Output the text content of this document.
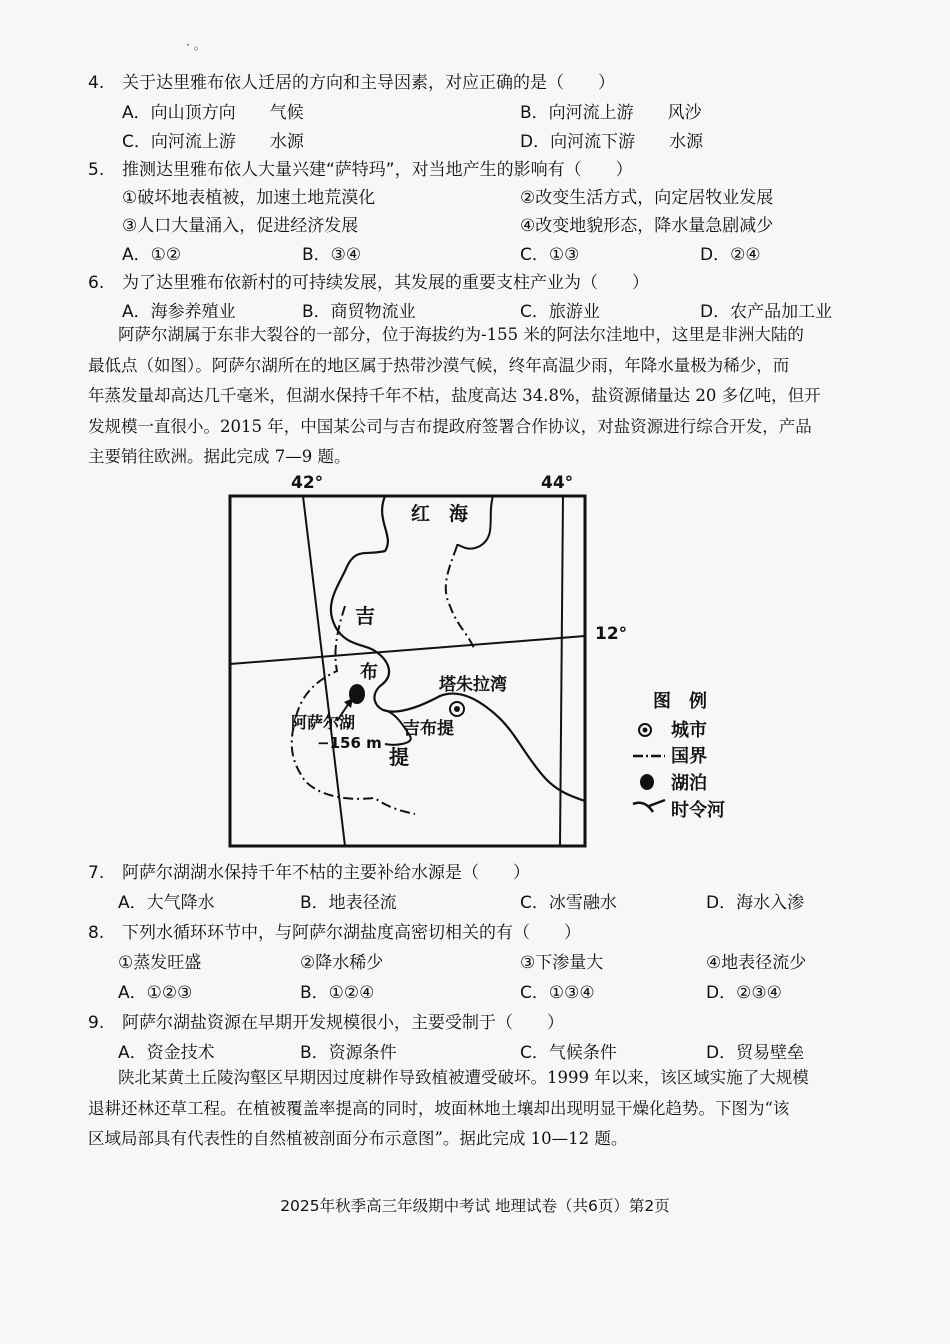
· 。
4. 关于达里雅布依人迁居的方向和主导因素，对应正确的是（　　）
A．向山顶方向　　气候	B．向河流上游　　风沙
C．向河流上游　　水源	D．向河流下游　　水源
5. 推测达里雅布依人大量兴建“萨特玛”，对当地产生的影响有（　　）
①破坏地表植被，加速土地荒漠化	②改变生活方式，向定居牧业发展
③人口大量涌入，促进经济发展	④改变地貌形态，降水量急剧减少
A．①②	B．③④	C．①③	D．②④
6. 为了达里雅布依新村的可持续发展，其发展的重要支柱产业为（　　）
A．海参养殖业	B．商贸物流业	C．旅游业	D．农产品加工业
阿萨尔湖属于东非大裂谷的一部分，位于海拔约为-155 米的阿法尔洼地中，这里是非洲大陆的
最低点（如图）。阿萨尔湖所在的地区属于热带沙漠气候，终年高温少雨，年降水量极为稀少，而
年蒸发量却高达几千毫米，但湖水保持千年不枯，盐度高达 34.8%，盐资源储量达 20 多亿吨，但开
发规模一直很小。2015 年，中国某公司与吉布提政府签署合作协议，对盐资源进行综合开发，产品
主要销往欧洲。据此完成 7—9 题。
42°	44°
12°
红　海
吉
布
提
塔朱拉湾
吉布提
阿萨尔湖
−156 m
图　例
城市
国界
湖泊
时令河
7. 阿萨尔湖湖水保持千年不枯的主要补给水源是（　　）
A．大气降水	B．地表径流	C．冰雪融水	D．海水入渗
8. 下列水循环环节中，与阿萨尔湖盐度高密切相关的有（　　）
①蒸发旺盛	②降水稀少	③下渗量大	④地表径流少
A．①②③	B．①②④	C．①③④	D．②③④
9. 阿萨尔湖盐资源在早期开发规模很小，主要受制于（　　）
A．资金技术	B．资源条件	C．气候条件	D．贸易壁垒
陕北某黄土丘陵沟壑区早期因过度耕作导致植被遭受破坏。1999 年以来，该区域实施了大规模
退耕还林还草工程。在植被覆盖率提高的同时，坡面林地土壤却出现明显干燥化趋势。下图为“该
区域局部具有代表性的自然植被剖面分布示意图”。据此完成 10—12 题。
2025年秋季高三年级期中考试 地理试卷（共6页）第2页
